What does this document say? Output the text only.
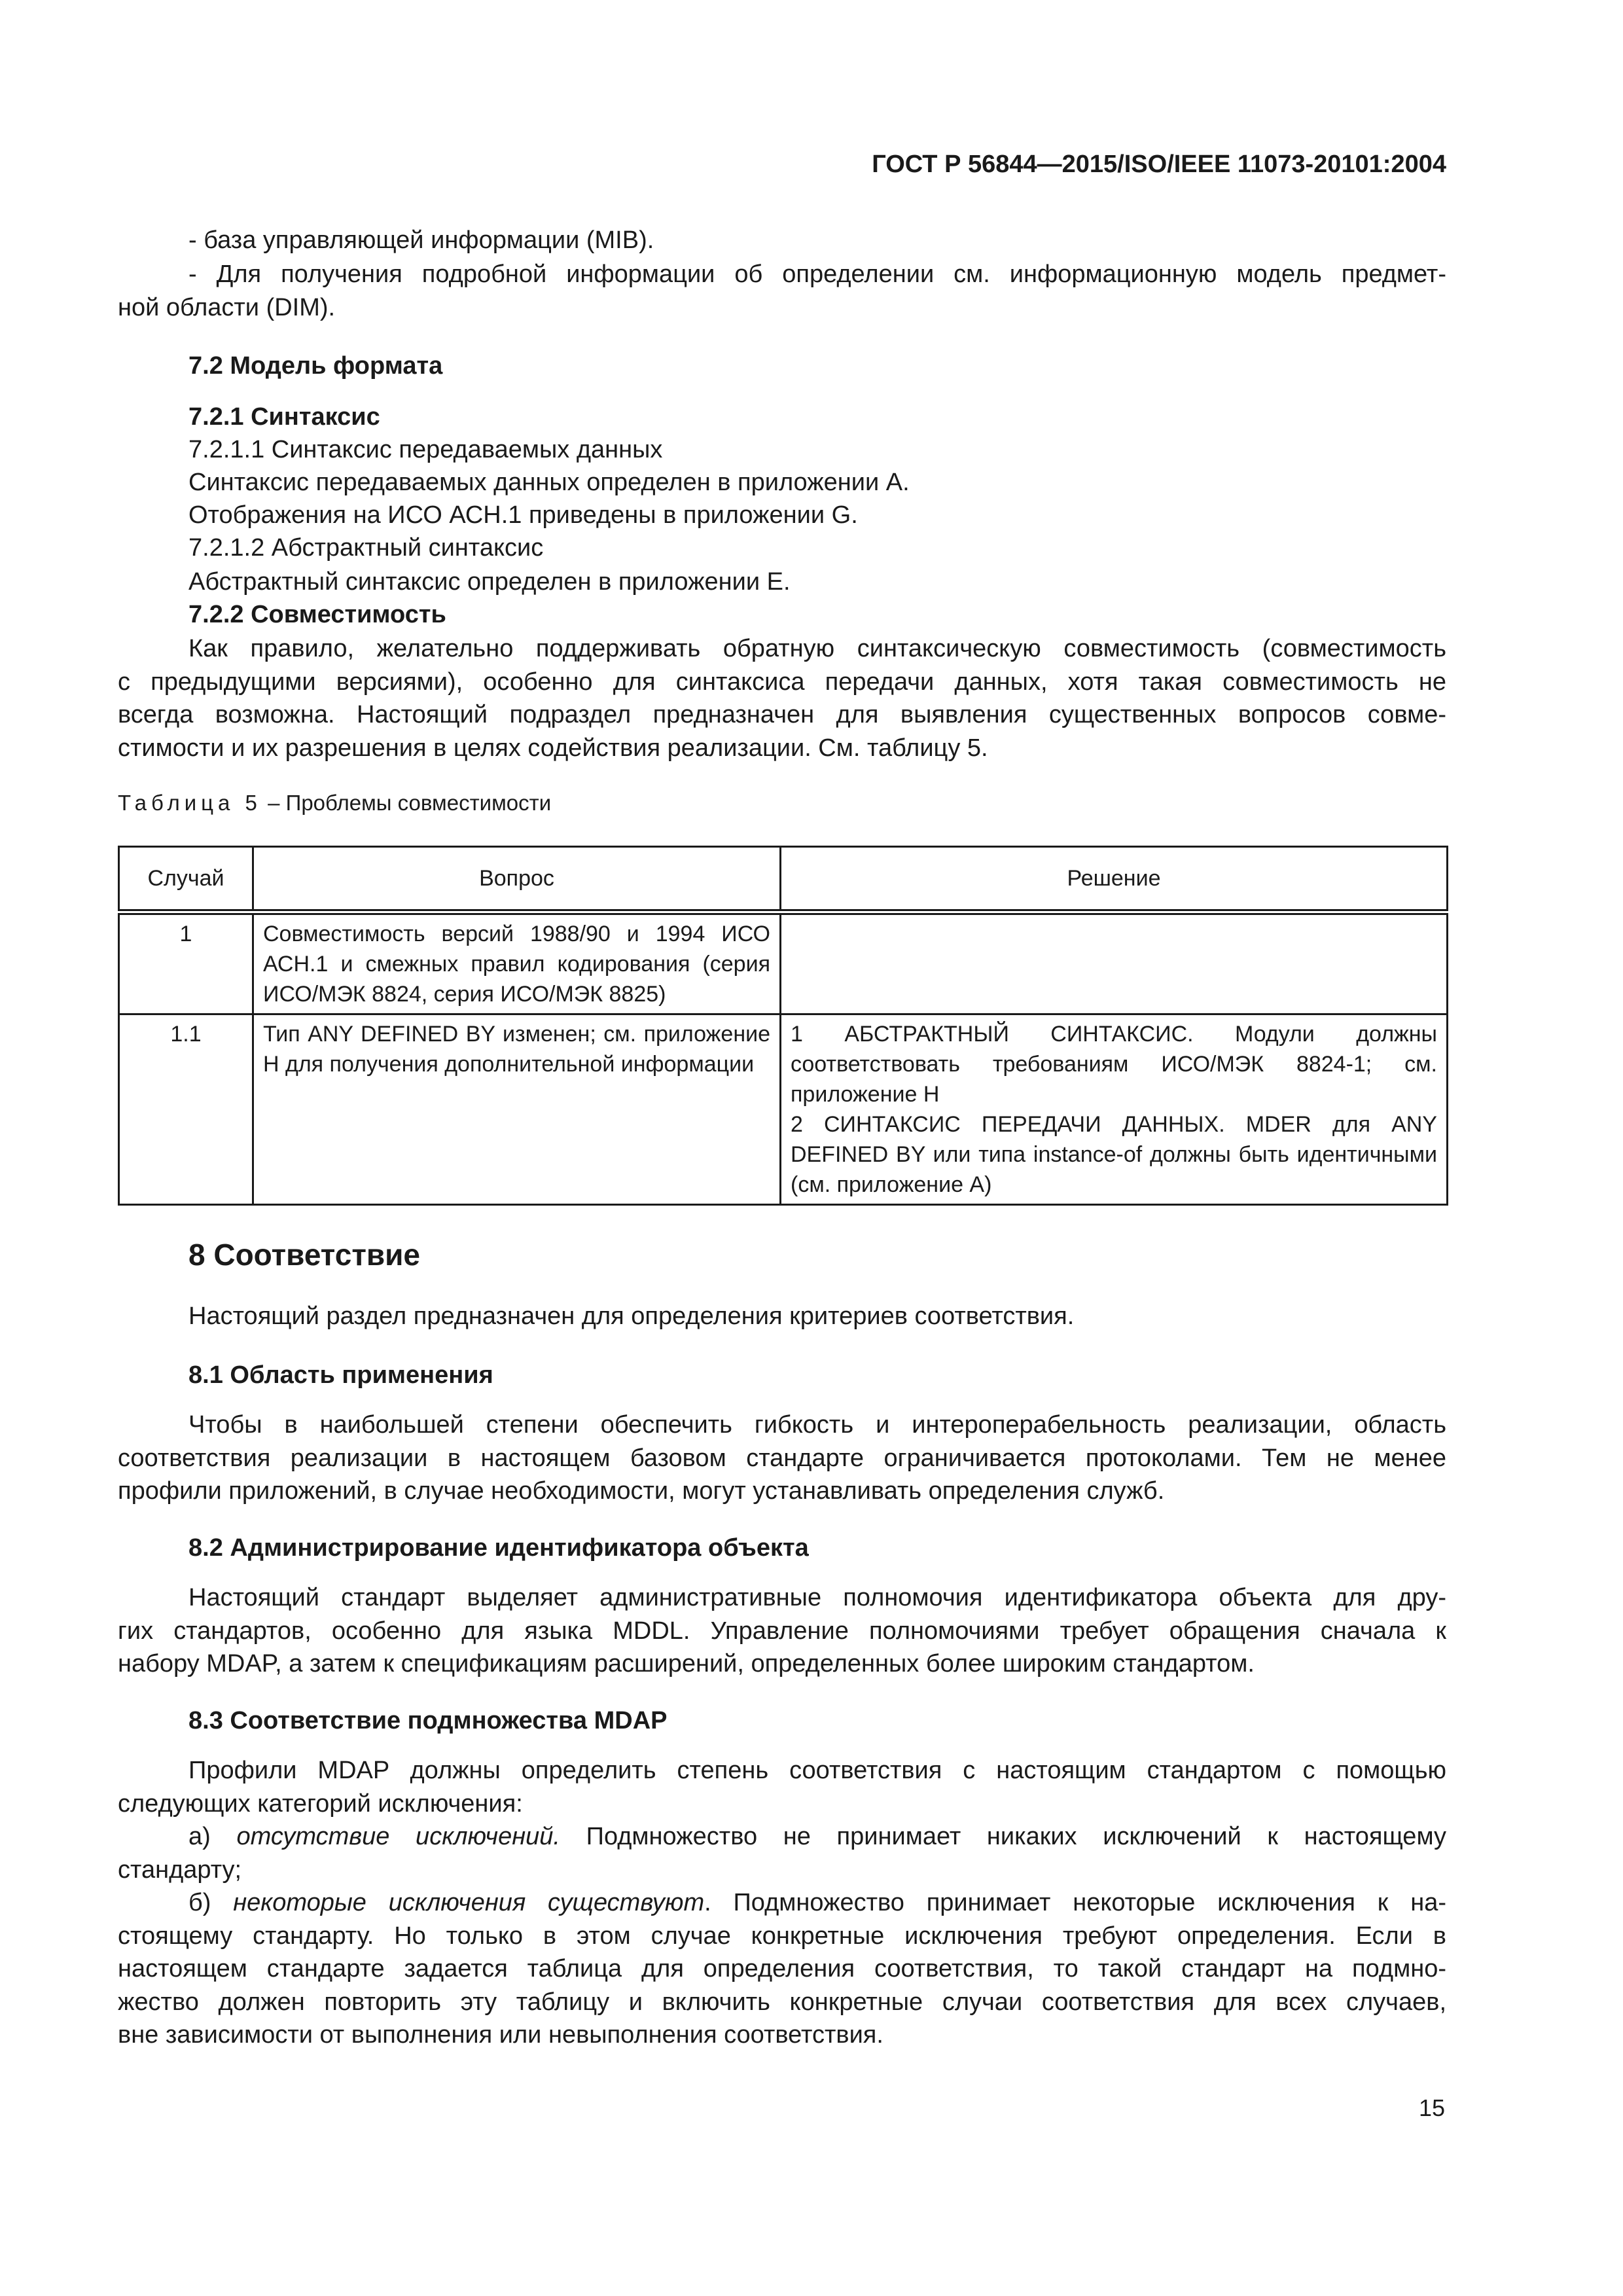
ГОСТ Р 56844—2015/ISO/IEEE 11073-20101:2004
- база управляющей информации (MIB).
- Для получения подробной информации об определении см. информационную модель предмет-
ной области (DIM).
7.2 Модель формата
7.2.1 Синтаксис
7.2.1.1 Синтаксис передаваемых данных
Синтаксис передаваемых данных определен в приложении А.
Отображения на ИСО АСН.1 приведены в приложении G.
7.2.1.2 Абстрактный синтаксис
Абстрактный синтаксис определен в приложении Е.
7.2.2 Совместимость
Как правило, желательно поддерживать обратную синтаксическую совместимость (совместимость
с предыдущими версиями), особенно для синтаксиса передачи данных, хотя такая совместимость не
всегда возможна. Настоящий подраздел предназначен для выявления существенных вопросов совме-
стимости и их разрешения в целях содействия реализации. См. таблицу 5.
Таблица 5 – Проблемы совместимости
Случай	Вопрос	Решение
1	Совместимость версий 1988/90 и 1994 ИСО АСН.1 и смежных правил кодирования (серия ИСО/МЭК 8824, серия ИСО/МЭК 8825)	
1.1	Тип ANY DEFINED BY изменен; см. приложение Н для получения дополнительной информации	1 АБСТРАКТНЫЙ СИНТАКСИС. Модули должны соответствовать требованиям ИСО/МЭК 8824-1; см. приложение Н
2 СИНТАКСИС ПЕРЕДАЧИ ДАННЫХ. MDER для ANY DEFINED BY или типа instance-of должны быть идентичными (см. приложение А)
8 Соответствие
Настоящий раздел предназначен для определения критериев соответствия.
8.1 Область применения
Чтобы в наибольшей степени обеспечить гибкость и интероперабельность реализации, область
соответствия реализации в настоящем базовом стандарте ограничивается протоколами. Тем не менее
профили приложений, в случае необходимости, могут устанавливать определения служб.
8.2 Администрирование идентификатора объекта
Настоящий стандарт выделяет административные полномочия идентификатора объекта для дру-
гих стандартов, особенно для языка MDDL. Управление полномочиями требует обращения сначала к
набору MDAP, а затем к спецификациям расширений, определенных более широким стандартом.
8.3 Соответствие подмножества MDAP
Профили MDAP должны определить степень соответствия с настоящим стандартом с помощью
следующих категорий исключения:
а) отсутствие исключений. Подмножество не принимает никаких исключений к настоящему
стандарту;
б) некоторые исключения существуют. Подмножество принимает некоторые исключения к на-
стоящему стандарту. Но только в этом случае конкретные исключения требуют определения. Если в
настоящем стандарте задается таблица для определения соответствия, то такой стандарт на подмно-
жество должен повторить эту таблицу и включить конкретные случаи соответствия для всех случаев,
вне зависимости от выполнения или невыполнения соответствия.
15
